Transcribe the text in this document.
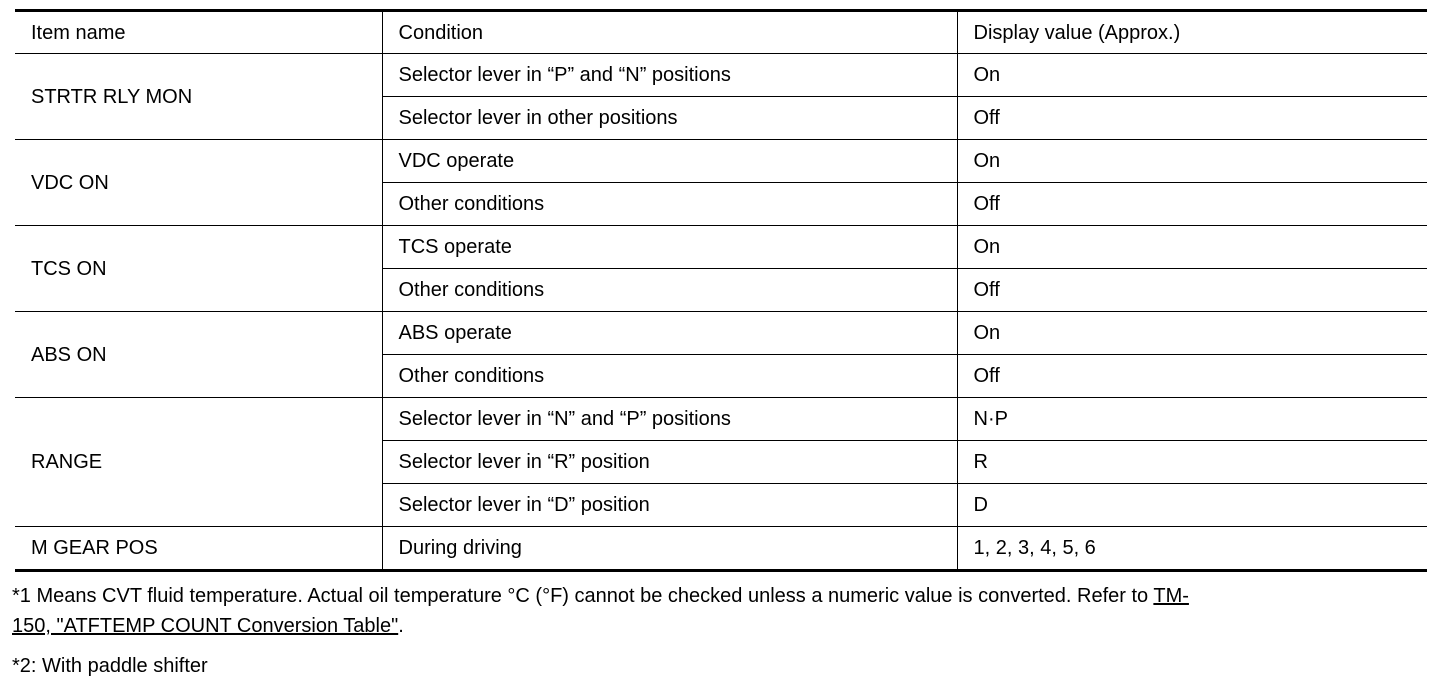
Item name	Condition	Display value (Approx.)
STRTR RLY MON	Selector lever in “P” and “N” positions	On
	Selector lever in other positions	Off
VDC ON	VDC operate	On
	Other conditions	Off
TCS ON	TCS operate	On
	Other conditions	Off
ABS ON	ABS operate	On
	Other conditions	Off
RANGE	Selector lever in “N” and “P” positions	N·P
	Selector lever in “R” position	R
	Selector lever in “D” position	D
M GEAR POS	During driving	1, 2, 3, 4, 5, 6

*1 Means CVT fluid temperature. Actual oil temperature °C (°F) cannot be checked unless a numeric value is converted. Refer to TM-
150, "ATFTEMP COUNT Conversion Table".

*2: With paddle shifter
